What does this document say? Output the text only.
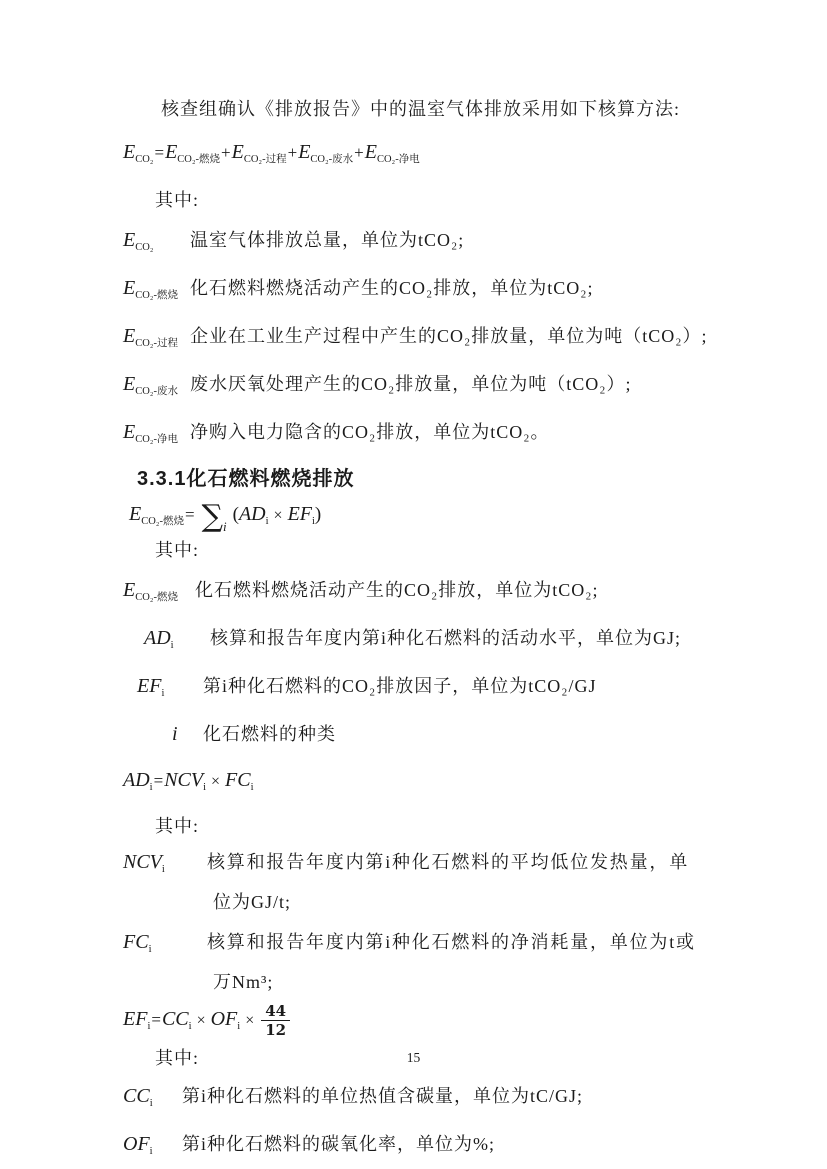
核查组确认《排放报告》中的温室气体排放采用如下核算方法:

$E_{CO_2}=E_{CO_2-燃烧}+E_{CO_2-过程}+E_{CO_2-废水}+E_{CO_2-净电}$

其中:

$E_{CO_2}$	温室气体排放总量，单位为tCO₂;
$E_{CO_2-燃烧}$ 化石燃料燃烧活动产生的CO₂排放，单位为tCO₂;
$E_{CO_2-过程}$ 企业在工业生产过程中产生的CO₂排放量，单位为吨（tCO₂）;
$E_{CO_2-废水}$ 废水厌氧处理产生的CO₂排放量，单位为吨（tCO₂）;
$E_{CO_2-净电}$ 净购入电力隐含的CO₂排放，单位为tCO₂。
3.3.1化石燃料燃烧排放
$E_{CO_2-燃烧}= \sum_i(AD_i \times EF_i)$

其中:

$E_{CO_2-燃烧}$ 化石燃料燃烧活动产生的CO₂排放，单位为tCO₂;
$AD_i$	核算和报告年度内第i种化石燃料的活动水平，单位为GJ;
$EF_i$	第i种化石燃料的CO₂排放因子，单位为tCO₂/GJ
i	化石燃料的种类
$AD_i=NCV_i \times FC_i$

其中:

$NCV_i$	核算和报告年度内第i种化石燃料的平均低位发热量，单
位为GJ/t;
$FC_i$	核算和报告年度内第i种化石燃料的净消耗量，单位为t或
万Nm³;
$EF_i=CC_i \times OF_i \times \frac{44}{12}$

其中:

$CC_i$	第i种化石燃料的单位热值含碳量，单位为tC/GJ;
$OF_i$	第i种化石燃料的碳氧化率，单位为%;
15
